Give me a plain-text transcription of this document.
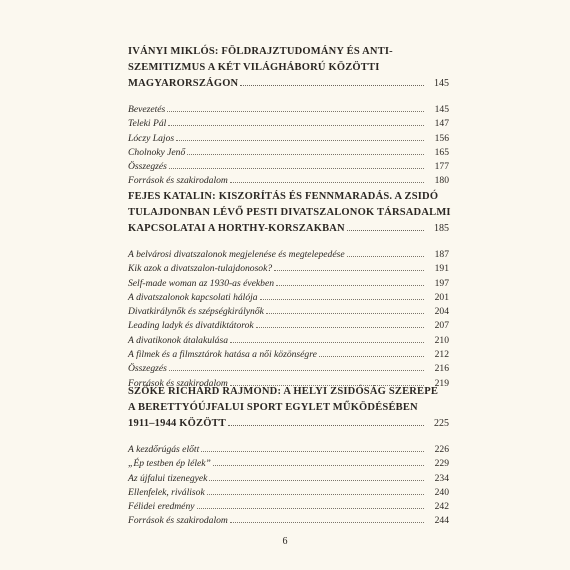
IVÁNYI MIKLÓS: FÖLDRAJZTUDOMÁNY ÉS ANTI-
SZEMITIZMUS A KÉT VILÁGHÁBORÚ KÖZÖTTI
MAGYARORSZÁGON	145
Bevezetés	145
Teleki Pál	147
Lóczy Lajos	156
Cholnoky Jenő	165
Összegzés	177
Források és szakirodalom	180
FEJES KATALIN: KISZORÍTÁS ÉS FENNMARADÁS. A ZSIDÓ
TULAJDONBAN LÉVŐ PESTI DIVATSZALONOK TÁRSADALMI
KAPCSOLATAI A HORTHY-KORSZAKBAN	185
A belvárosi divatszalonok megjelenése és megtelepedése	187
Kik azok a divatszalon-tulajdonosok?	191
Self-made woman az 1930-as években	197
A divatszalonok kapcsolati hálója	201
Divatkirálynők és szépségkirálynők	204
Leading ladyk és divatdiktátorok	207
A divatikonok átalakulása	210
A filmek és a filmsztárok hatása a női közönségre	212
Összegzés	216
Források és szakirodalom	219
SZŐKE RICHÁRD RAJMOND: A HELYI ZSIDÓSÁG SZEREPE
A BERETTYÓÚJFALUI SPORT EGYLET MŰKÖDÉSÉBEN
1911–1944 KÖZÖTT	225
A kezdőrúgás előtt	226
„Ép testben ép lélek”	229
Az újfalui tizenegyek	234
Ellenfelek, riválisok	240
Félidei eredmény	242
Források és szakirodalom	244
6
